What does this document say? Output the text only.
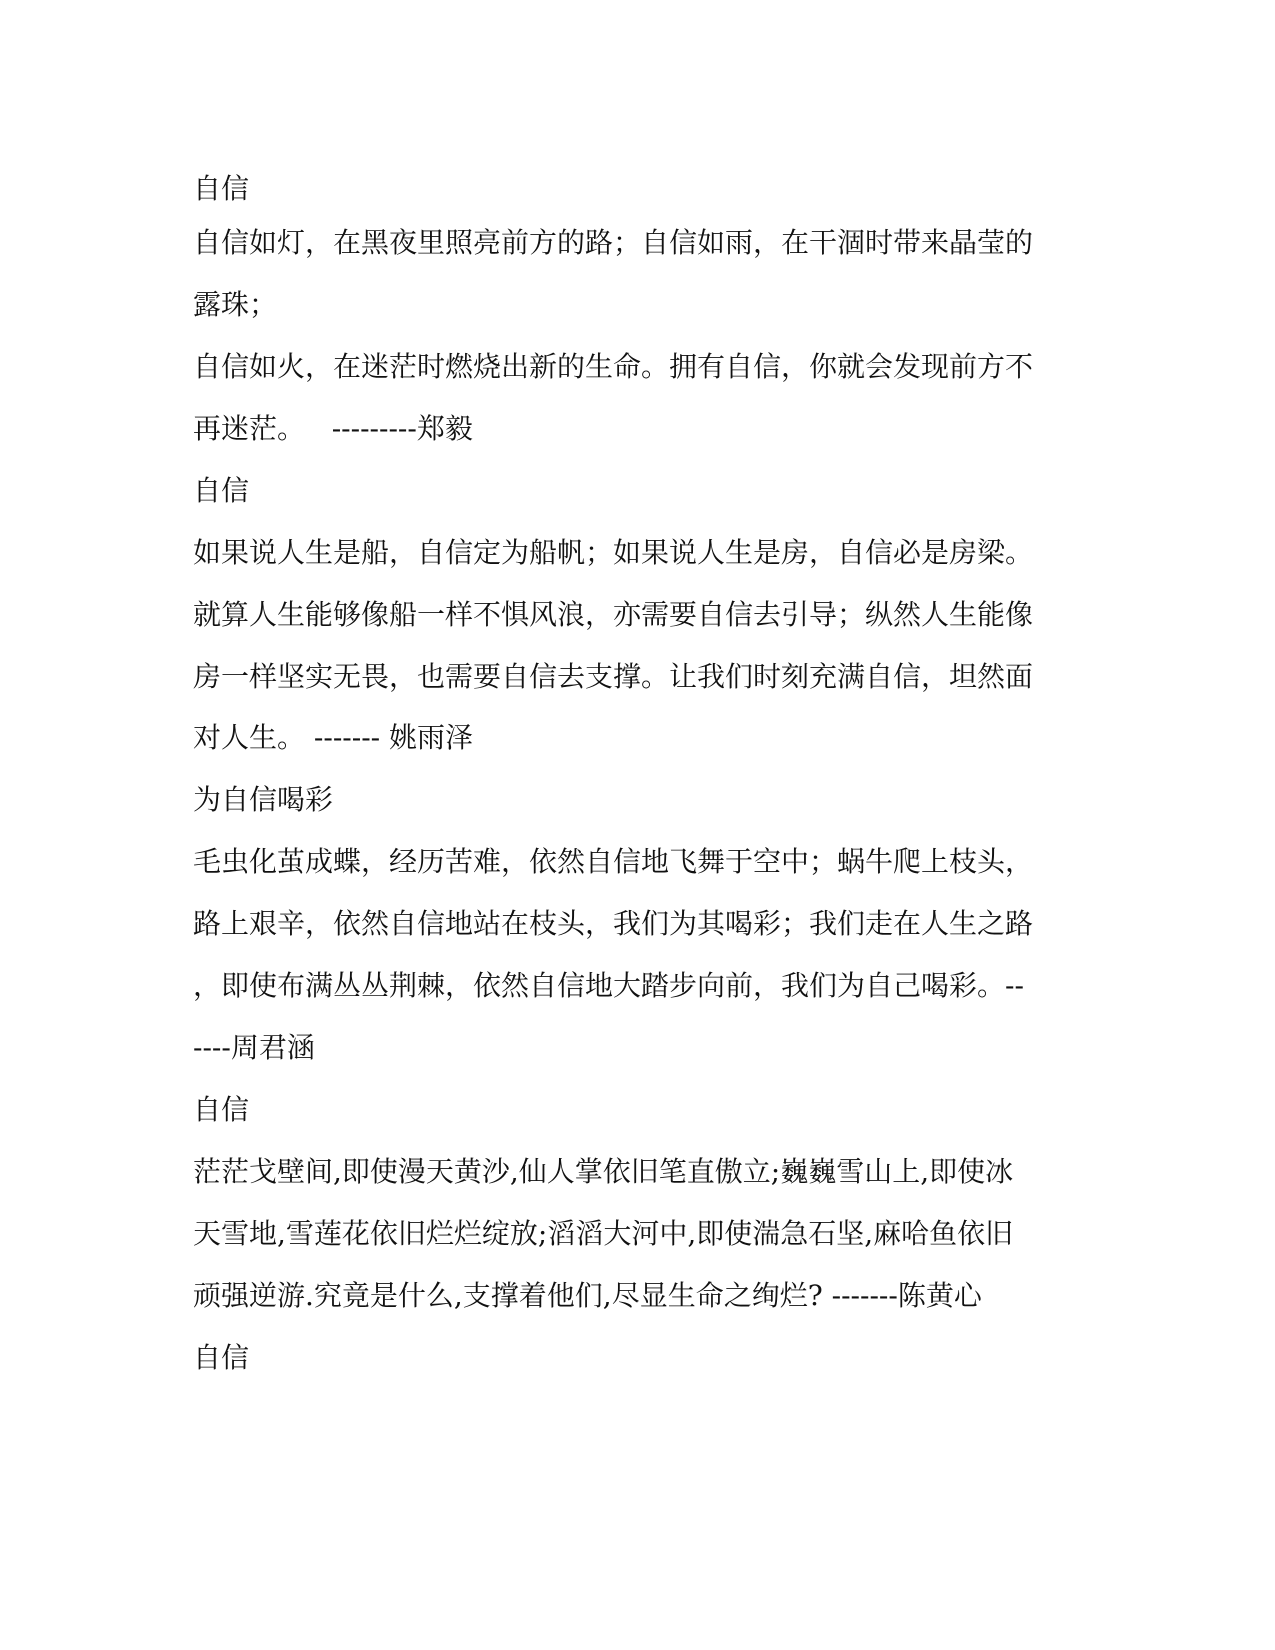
自信
自信如灯，在黑夜里照亮前方的路；自信如雨，在干涸时带来晶莹的
露珠；
自信如火，在迷茫时燃烧出新的生命。拥有自信，你就会发现前方不
再迷茫。   ---------郑毅
自信
如果说人生是船，自信定为船帆；如果说人生是房，自信必是房梁。
就算人生能够像船一样不惧风浪，亦需要自信去引导；纵然人生能像
房一样坚实无畏，也需要自信去支撑。让我们时刻充满自信，坦然面
对人生。 ------- 姚雨泽
为自信喝彩
毛虫化茧成蝶，经历苦难，依然自信地飞舞于空中；蜗牛爬上枝头，
路上艰辛，依然自信地站在枝头，我们为其喝彩；我们走在人生之路
，即使布满丛丛荆棘，依然自信地大踏步向前，我们为自己喝彩。--
----周君涵
自信
茫茫戈壁间,即使漫天黄沙,仙人掌依旧笔直傲立;巍巍雪山上,即使冰
天雪地,雪莲花依旧烂烂绽放;滔滔大河中,即使湍急石坚,麻哈鱼依旧
顽强逆游.究竟是什么,支撑着他们,尽显生命之绚烂? -------陈黄心
自信
